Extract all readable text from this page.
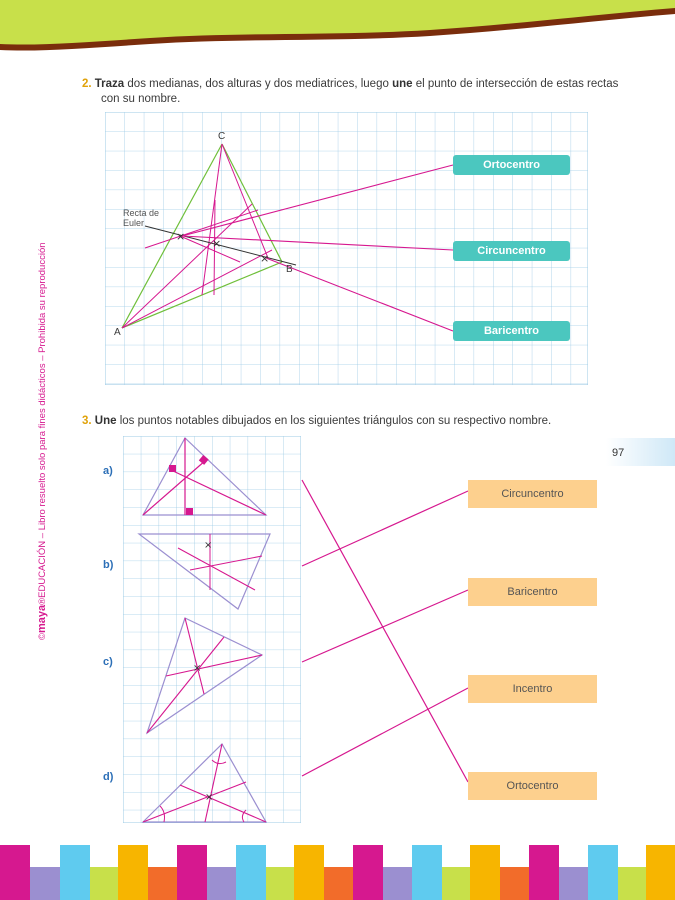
©maya®EDUCACIÓN – Libro resuelto solo para fines didácticos – Prohibida su reproducción
2. Traza dos medianas, dos alturas y dos mediatrices, luego une el punto de intersección de estas rectas
con su nombre.
×
×
×
C
A
B
Recta de
Euler
Ortocentro
Circuncentro
Baricentro
3. Une los puntos notables dibujados en los siguientes triángulos con su respectivo nombre.
97
×
×
×
a)
b)
c)
d)
Circuncentro
Baricentro
Incentro
Ortocentro
